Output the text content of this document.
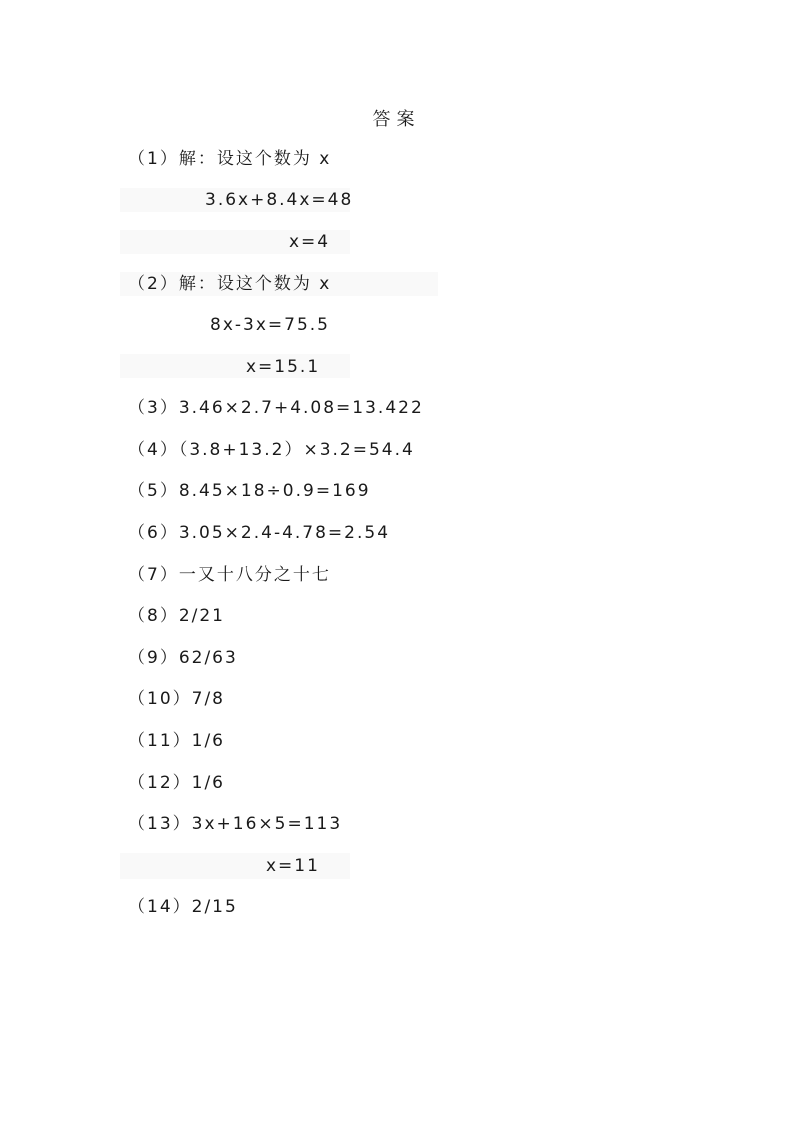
答案
（1）解：设这个数为 x
3.6x+8.4x=48
x=4
（2）解：设这个数为 x
8x-3x=75.5
x=15.1
（3）3.46×2.7+4.08=13.422
（4）（3.8+13.2）×3.2=54.4
（5）8.45×18÷0.9=169
（6）3.05×2.4-4.78=2.54
（7）一又十八分之十七
（8）2/21
（9）62/63
（10）7/8
（11）1/6
（12）1/6
（13）3x+16×5=113
x=11
（14）2/15
